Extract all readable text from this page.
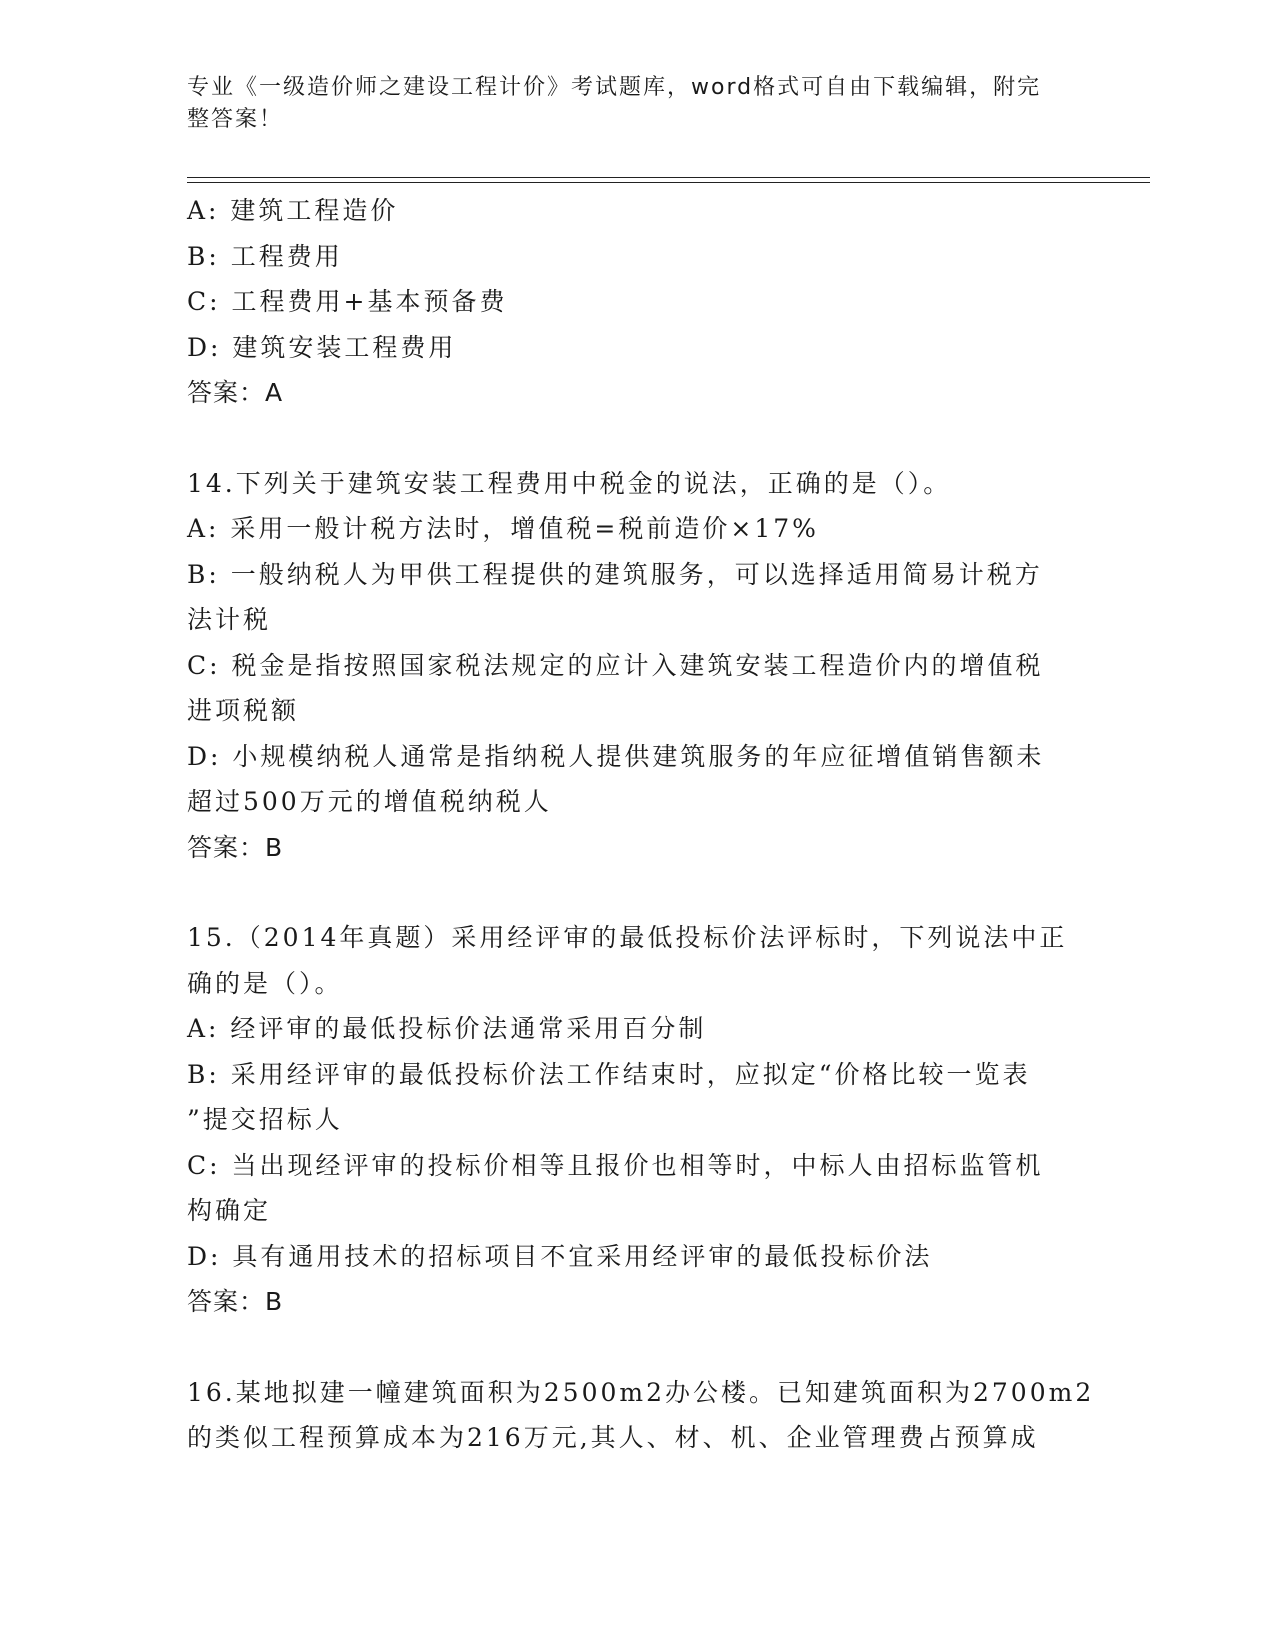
专业《一级造价师之建设工程计价》考试题库，word格式可自由下载编辑，附完
整答案！
A: 建筑工程造价
B: 工程费用
C: 工程费用+基本预备费
D: 建筑安装工程费用
答案：A
14.下列关于建筑安装工程费用中税金的说法，正确的是（）。
A: 采用一般计税方法时，增值税=税前造价×17%
B: 一般纳税人为甲供工程提供的建筑服务，可以选择适用简易计税方
法计税
C: 税金是指按照国家税法规定的应计入建筑安装工程造价内的增值税
进项税额
D: 小规模纳税人通常是指纳税人提供建筑服务的年应征增值销售额未
超过500万元的增值税纳税人
答案：B
15.（2014年真题）采用经评审的最低投标价法评标时，下列说法中正
确的是（）。
A: 经评审的最低投标价法通常采用百分制
B: 采用经评审的最低投标价法工作结束时，应拟定“价格比较一览表
”提交招标人
C: 当出现经评审的投标价相等且报价也相等时，中标人由招标监管机
构确定
D: 具有通用技术的招标项目不宜采用经评审的最低投标价法
答案：B
16.某地拟建一幢建筑面积为2500m2办公楼。已知建筑面积为2700m2
的类似工程预算成本为216万元,其人、材、机、企业管理费占预算成
